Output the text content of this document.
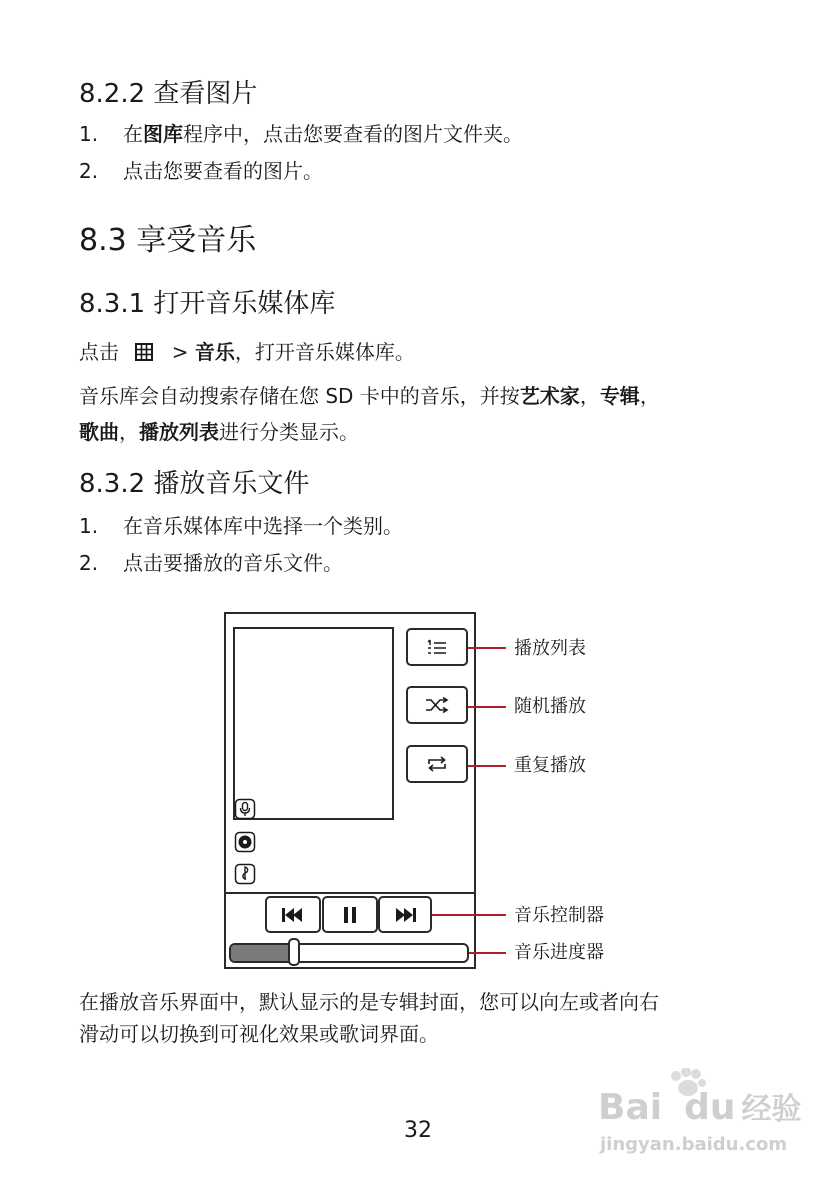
8.2.2 查看图片
1. 在图库程序中，点击您要查看的图片文件夹。
2. 点击您要查看的图片。
8.3 享受音乐
8.3.1 打开音乐媒体库
点击	> 音乐，打开音乐媒体库。
音乐库会自动搜索存储在您 SD 卡中的音乐，并按艺术家，专辑，
歌曲，播放列表进行分类显示。
8.3.2 播放音乐文件
1. 在音乐媒体库中选择一个类别。
2. 点击要播放的音乐文件。
播放列表
随机播放
重复播放
音乐控制器
音乐进度器
在播放音乐界面中，默认显示的是专辑封面，您可以向左或者向右
滑动可以切换到可视化效果或歌词界面。
32
Bai du 经验
jingyan.baidu.com
